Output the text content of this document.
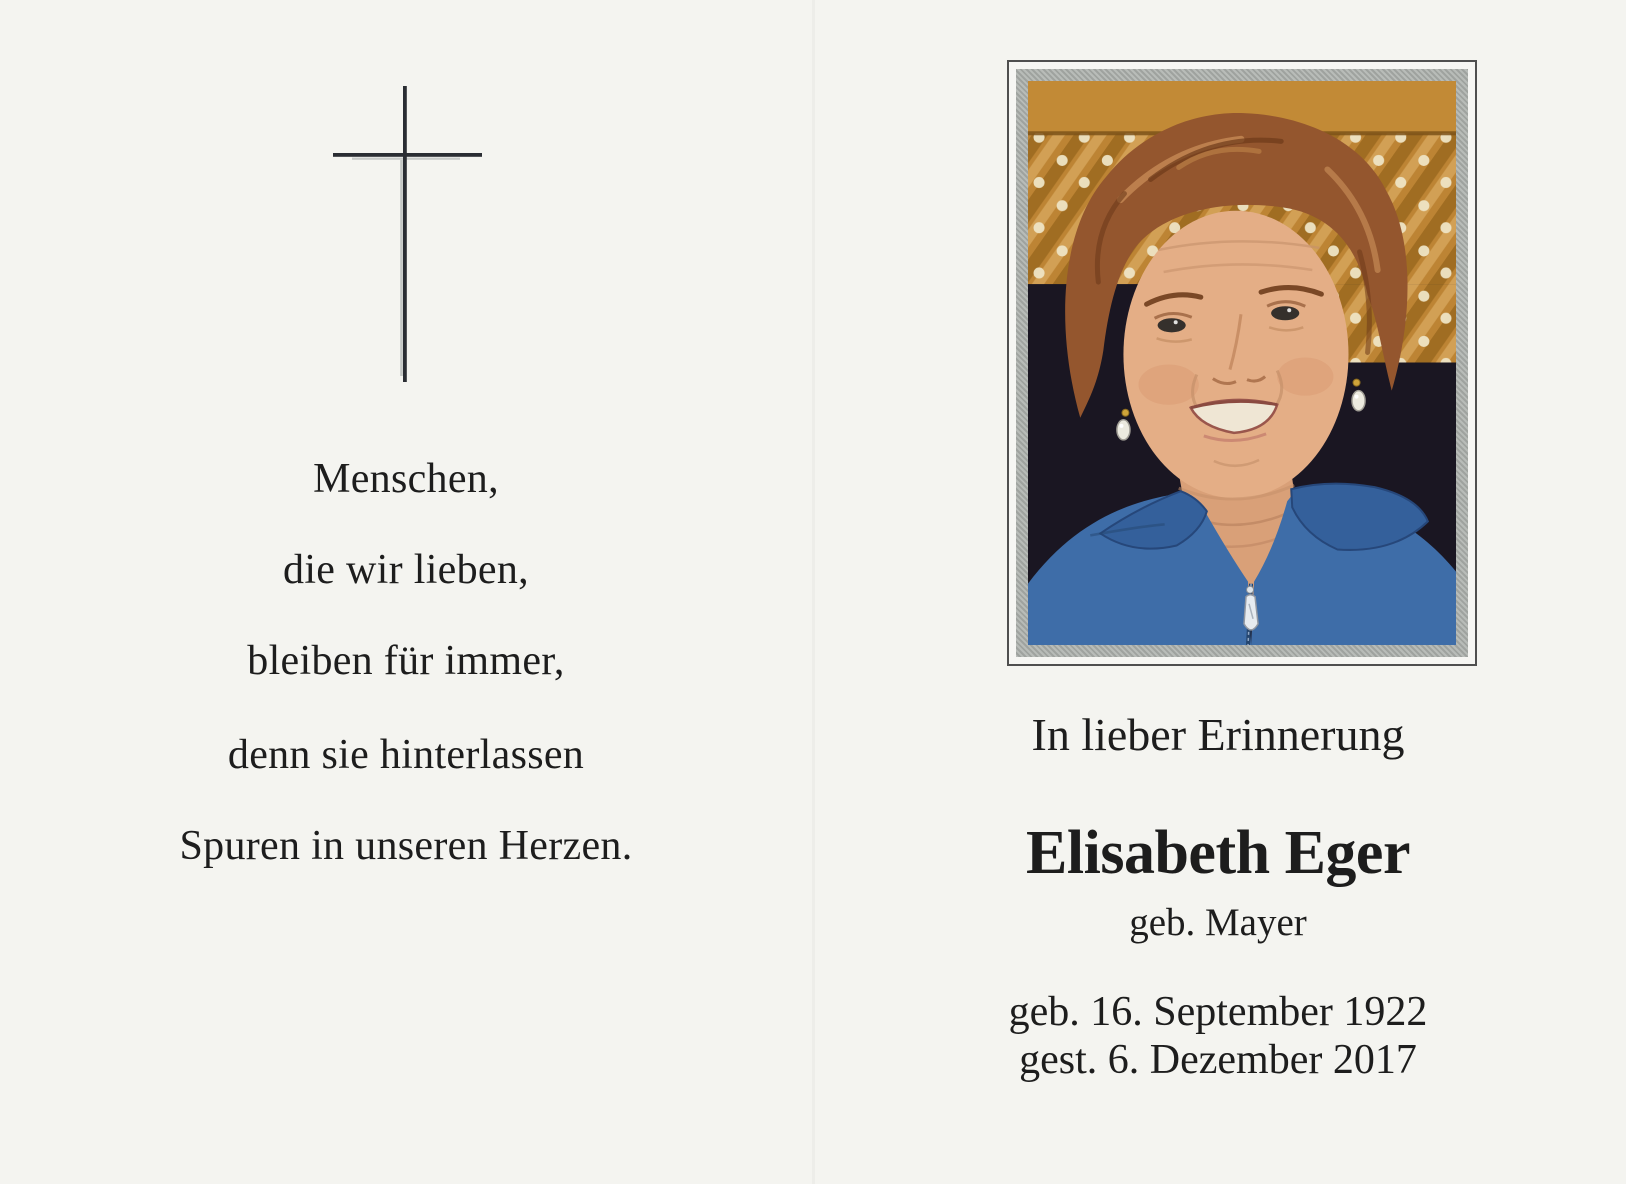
Menschen,
die wir lieben,
bleiben für immer,
denn sie hinterlassen
Spuren in unseren Herzen.
In lieber Erinnerung
Elisabeth Eger
geb. Mayer
geb. 16. September 1922
gest. 6. Dezember 2017
